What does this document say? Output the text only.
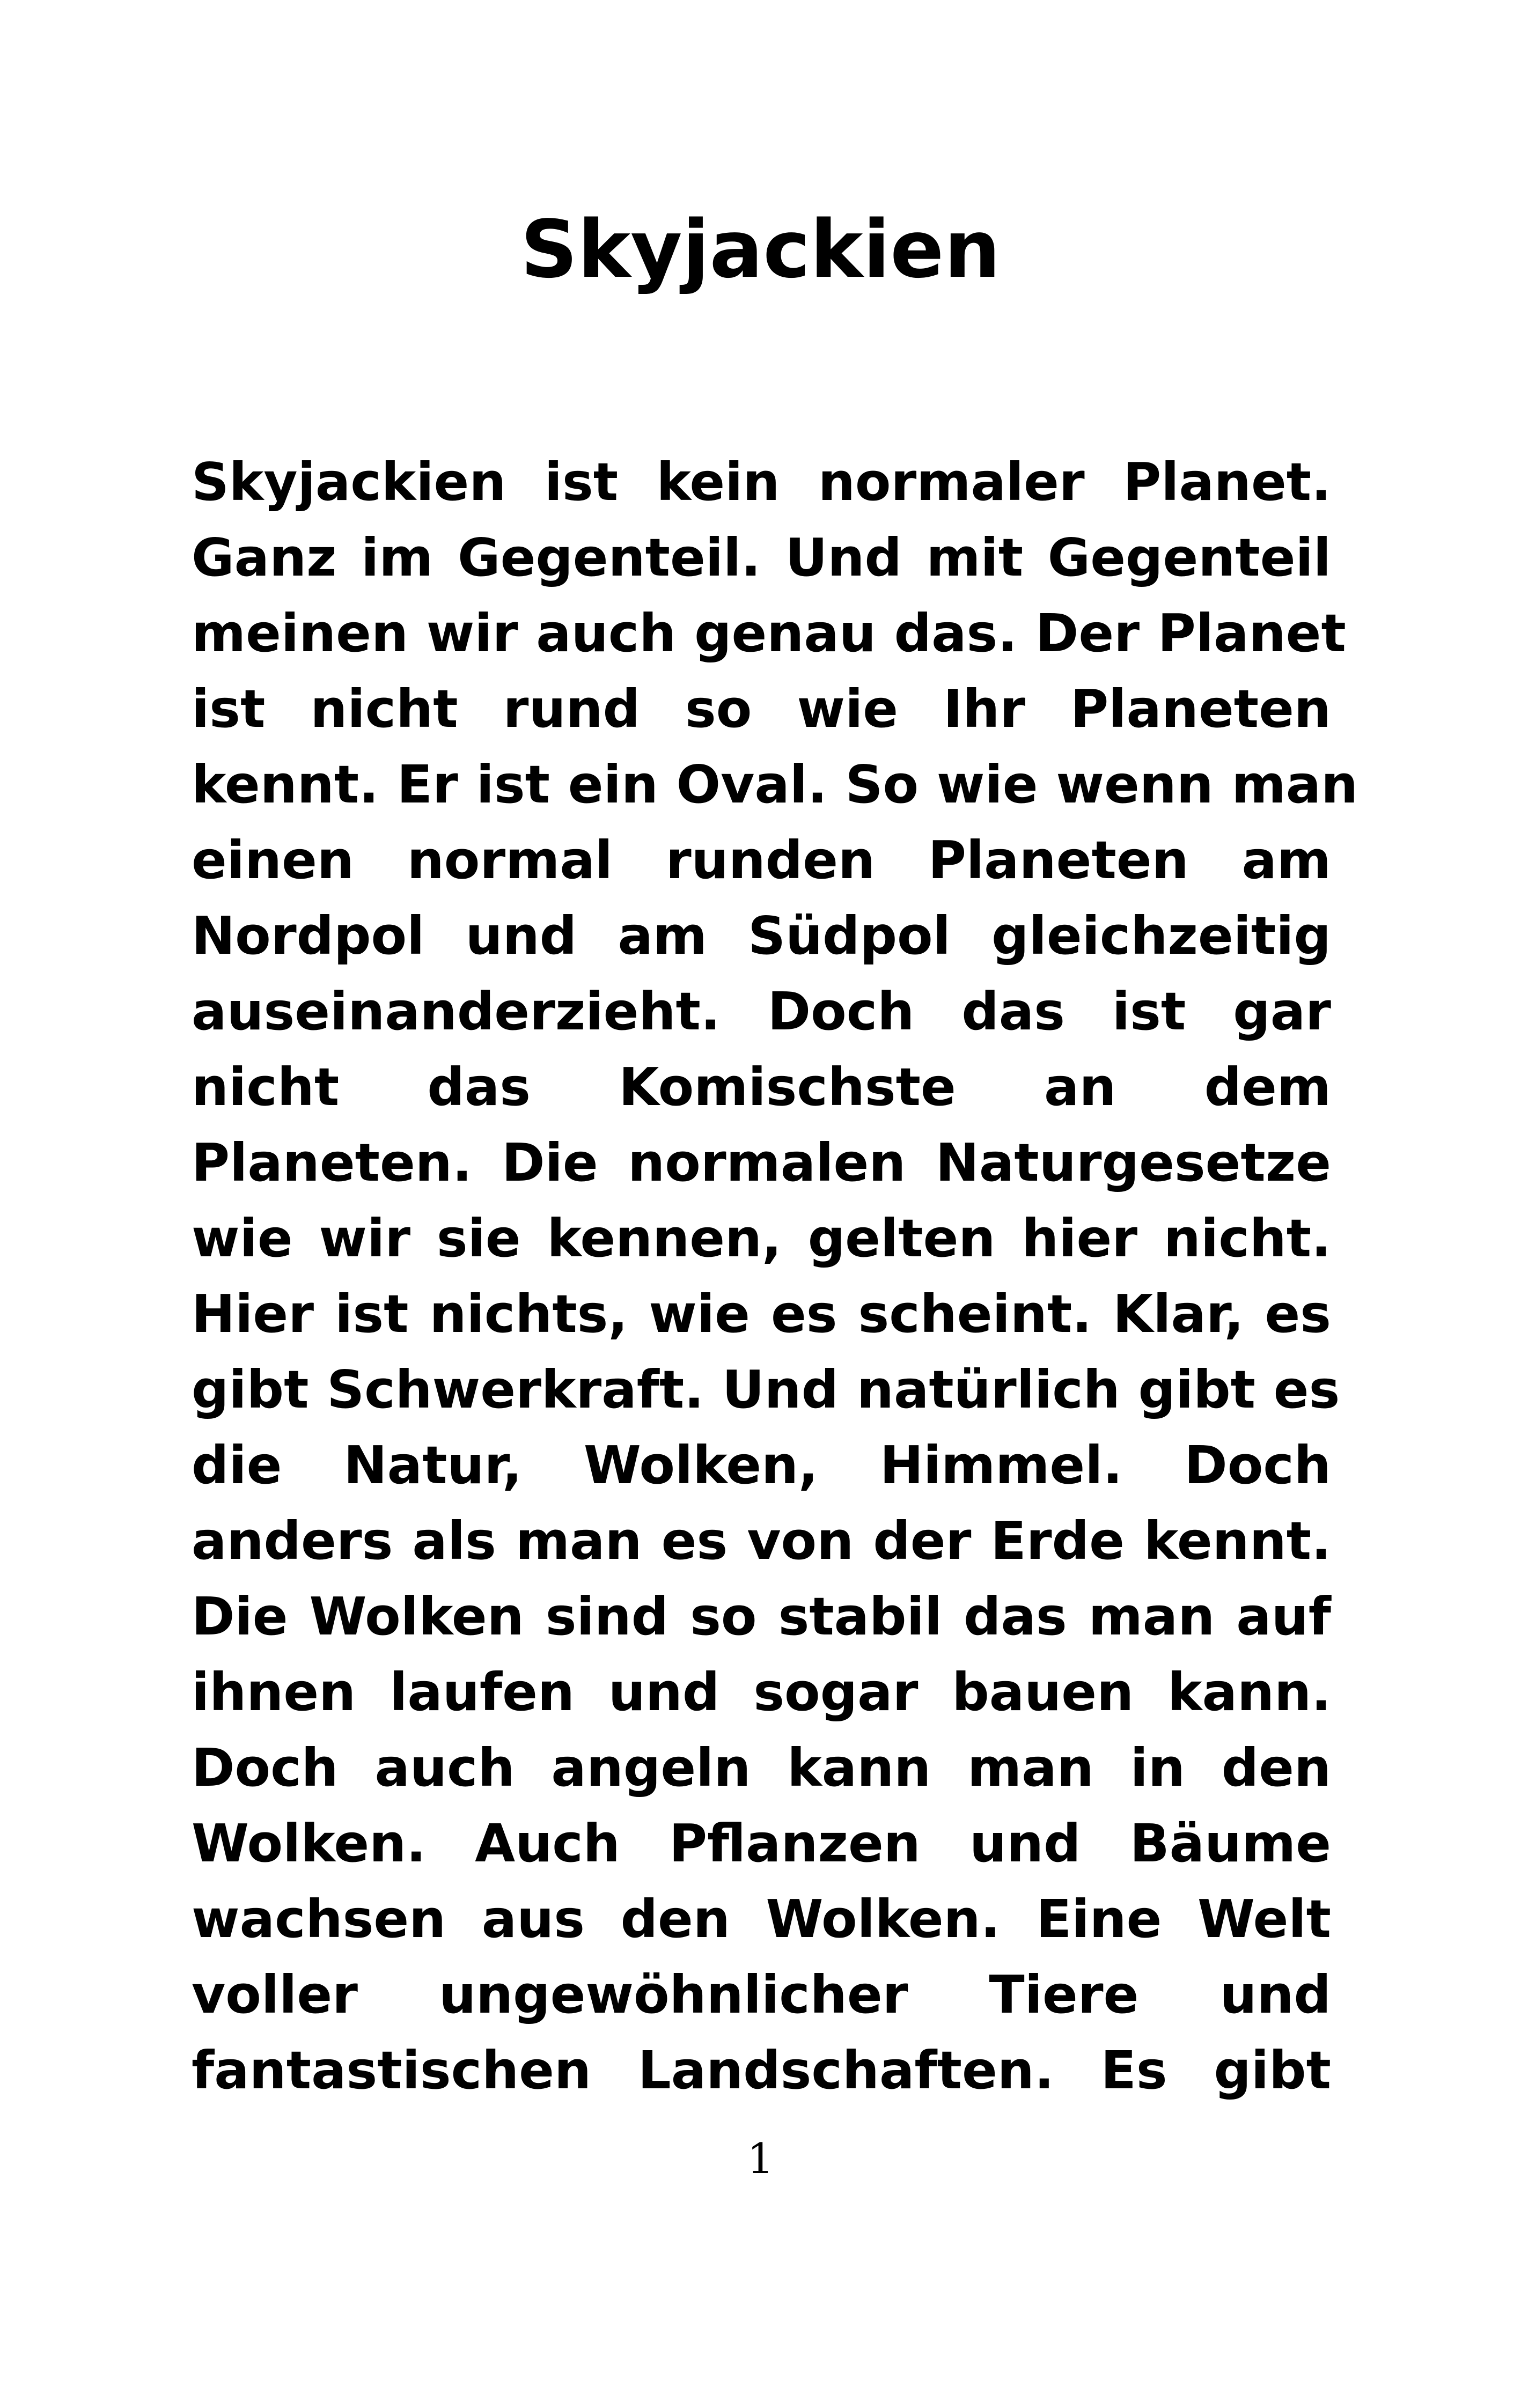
Skyjackien
Skyjackien ist kein normaler Planet.
Ganz im Gegenteil. Und mit Gegenteil
meinen wir auch genau das. Der Planet
ist nicht rund so wie Ihr Planeten
kennt. Er ist ein Oval. So wie wenn man
einen normal runden Planeten am
Nordpol und am Südpol gleichzeitig
auseinanderzieht. Doch das ist gar
nicht das Komischste an dem
Planeten. Die normalen Naturgesetze
wie wir sie kennen, gelten hier nicht.
Hier ist nichts, wie es scheint. Klar, es
gibt Schwerkraft. Und natürlich gibt es
die Natur, Wolken, Himmel. Doch
anders als man es von der Erde kennt.
Die Wolken sind so stabil das man auf
ihnen laufen und sogar bauen kann.
Doch auch angeln kann man in den
Wolken. Auch Pflanzen und Bäume
wachsen aus den Wolken. Eine Welt
voller ungewöhnlicher Tiere und
fantastischen Landschaften. Es gibt
1
